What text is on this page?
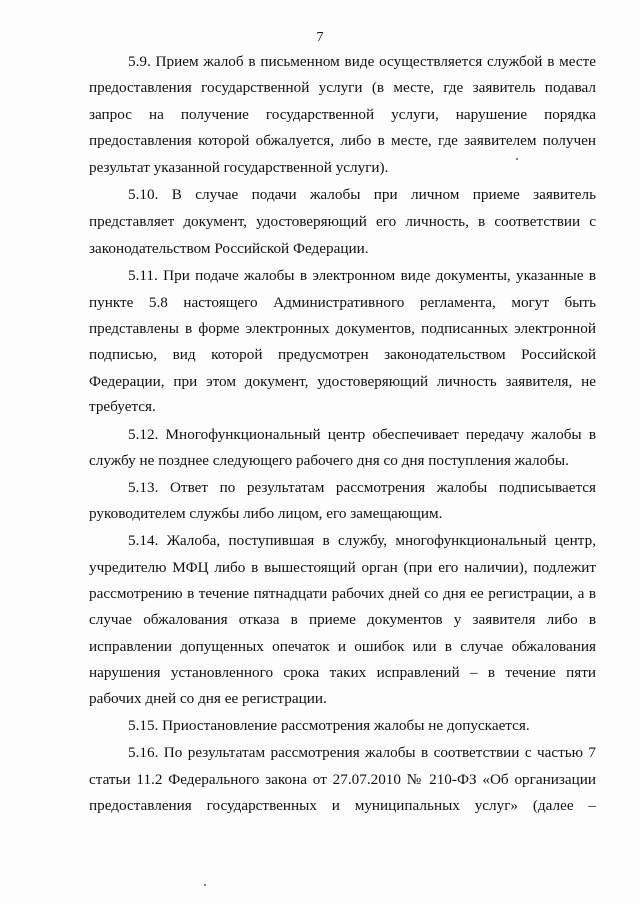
7
5.9. Прием жалоб в письменном виде осуществляется службой в месте
предоставления государственной услуги (в месте, где заявитель подавал
запрос на получение государственной услуги, нарушение порядка
предоставления которой обжалуется, либо в месте, где заявителем получен
результат указанной государственной услуги).
5.10. В случае подачи жалобы при личном приеме заявитель
представляет документ, удостоверяющий его личность, в соответствии с
законодательством Российской Федерации.
5.11. При подаче жалобы в электронном виде документы, указанные в
пункте 5.8 настоящего Административного регламента, могут быть
представлены в форме электронных документов, подписанных электронной
подписью, вид которой предусмотрен законодательством Российской
Федерации, при этом документ, удостоверяющий личность заявителя, не
требуется.
5.12. Многофункциональный центр обеспечивает передачу жалобы в
службу не позднее следующего рабочего дня со дня поступления жалобы.
5.13. Ответ по результатам рассмотрения жалобы подписывается
руководителем службы либо лицом, его замещающим.
5.14. Жалоба, поступившая в службу, многофункциональный центр,
учредителю МФЦ либо в вышестоящий орган (при его наличии), подлежит
рассмотрению в течение пятнадцати рабочих дней со дня ее регистрации, а в
случае обжалования отказа в приеме документов у заявителя либо в
исправлении допущенных опечаток и ошибок или в случае обжалования
нарушения установленного срока таких исправлений – в течение пяти
рабочих дней со дня ее регистрации.
5.15. Приостановление рассмотрения жалобы не допускается.
5.16. По результатам рассмотрения жалобы в соответствии с частью 7
статьи 11.2 Федерального закона от 27.07.2010 № 210-ФЗ «Об организации
предоставления государственных и муниципальных услуг» (далее –
